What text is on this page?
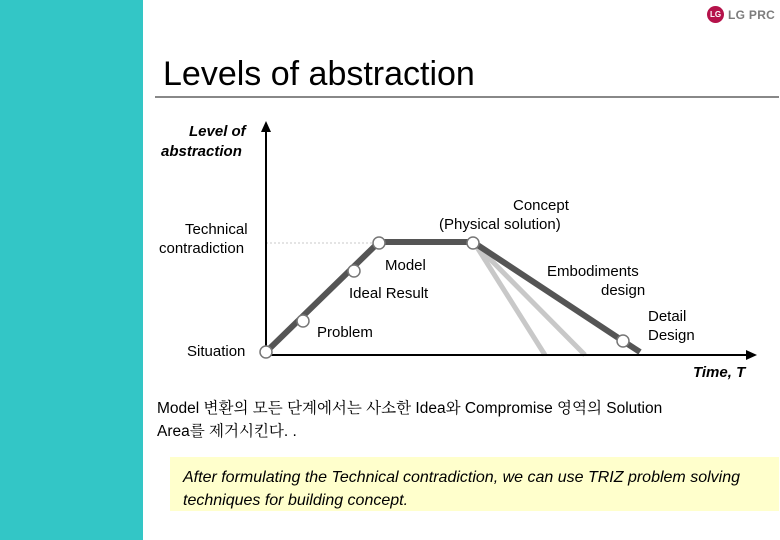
LG LG PRC
Levels of abstraction
Level of
abstraction
Time, T
Technical
contradiction
Situation
Problem
Ideal Result
Model
Concept
(Physical solution)
Embodiments
design
Detail
Design
Model 변환의 모든 단계에서는 사소한 Idea와 Compromise 영역의 Solution
Area를 제거시킨다. .
After formulating the Technical contradiction, we can use TRIZ problem solving techniques for building concept.
